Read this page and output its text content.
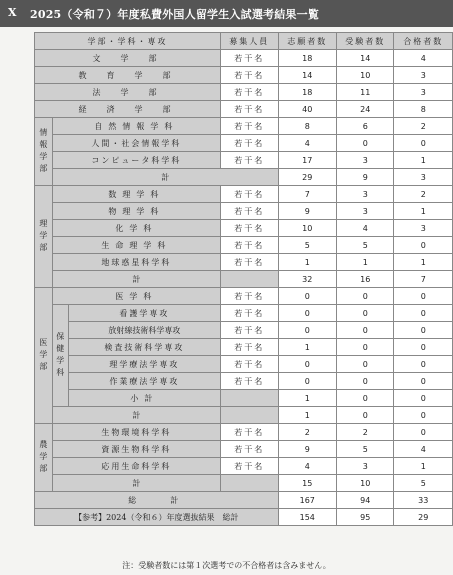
X 2025（令和７）年度私費外国人留学生入試選考結果一覧
学部・学科・専攻			募集人員	志願者数	受験者数	合格者数
文　学　部			若干名	18	14	4
教　育　学　部			若干名	14	10	3
法　学　部			若干名	18	11	3
経　済　学　部			若干名	40	24	8
情報学部	自然情報学科		若干名	8	6	2
	人間・社会情報学科		若干名	4	0	0
	コンピュータ科学科		若干名	17	3	1
	計			29	9	3
理学部	数理学科		若干名	7	3	2
	物理学科		若干名	9	3	1
	化学科		若干名	10	4	3
	生命理学科		若干名	5	5	0
	地球惑星科学科		若干名	1	1	1
	計			32	16	7
医学部	医学科		若干名	0	0	0
	保健学科	看護学専攻	若干名	0	0	0
		放射線技術科学専攻	若干名	0	0	0
		検査技術科学専攻	若干名	1	0	0
		理学療法学専攻	若干名	0	0	0
		作業療法学専攻	若干名	0	0	0
		小計		1	0	0
	計			1	0	0
農学部	生物環境科学科		若干名	2	2	0
	資源生物科学科		若干名	9	5	4
	応用生命科学科		若干名	4	3	1
	計			15	10	5
総　　計				167	94	33
【参考】2024（令和６）年度選抜結果　総計				154	95	29
注：受験者数には第１次選考での不合格者は含みません。
